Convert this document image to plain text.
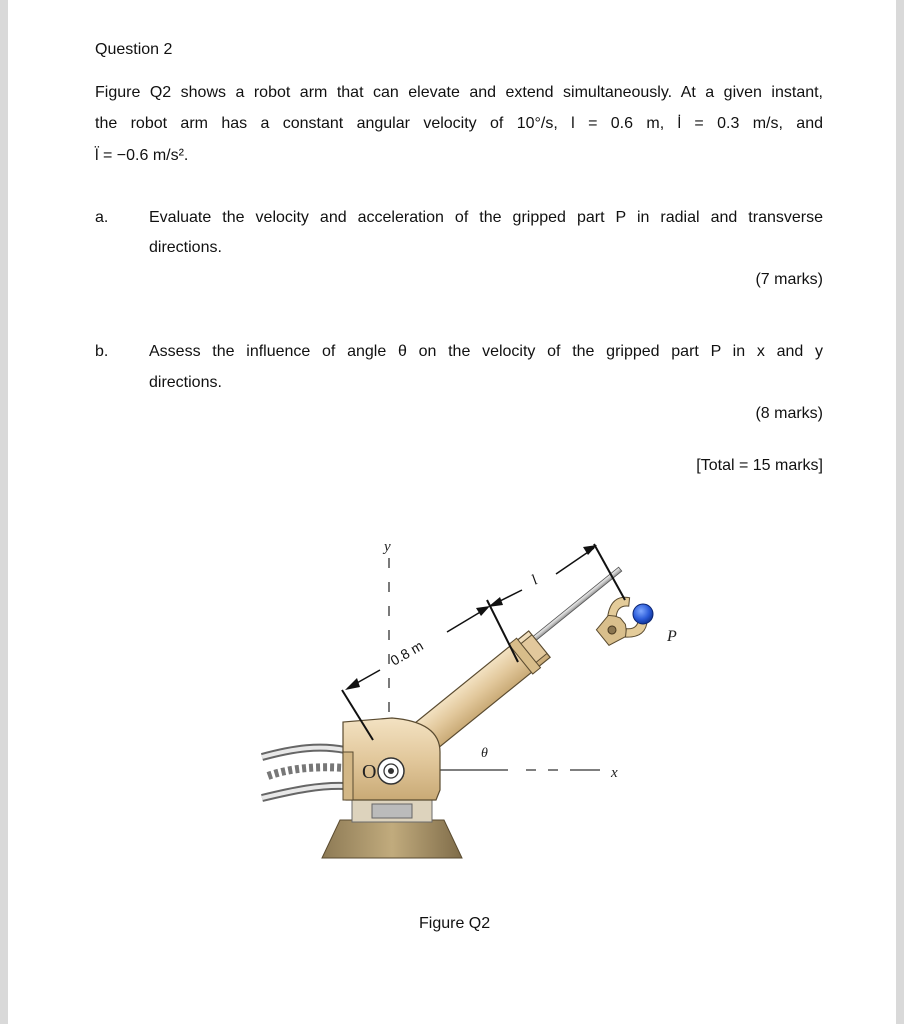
Question 2
Figure Q2 shows a robot arm that can elevate and extend simultaneously. At a given instant,
the robot arm has a constant angular velocity of 10°/s, l = 0.6 m, l̇ = 0.3 m/s, and
l̈ = −0.6 m/s².
a.	Evaluate the velocity and acceleration of the gripped part P in radial and transverse
directions.
(7 marks)
b.	Assess the influence of angle θ on the velocity of the gripped part P in x and y
directions.
(8 marks)
[Total = 15 marks]
O
P
0.8 m
l
y
x
θ
Figure Q2
